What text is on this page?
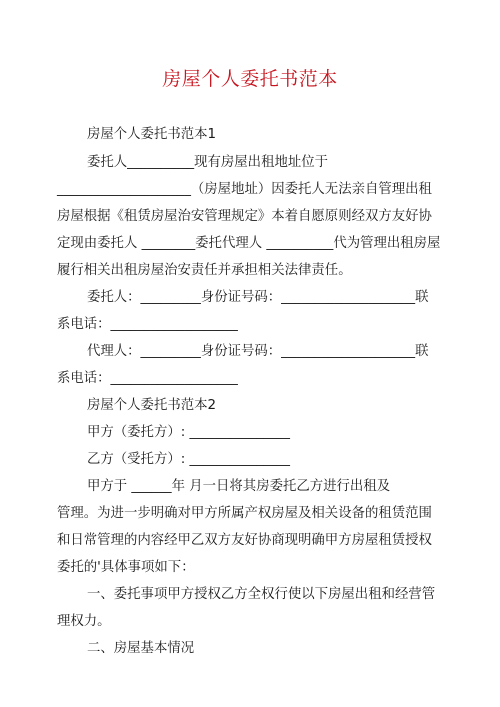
房屋个人委托书范本
房屋个人委托书范本1
委托人__________现有房屋出租地址位于
____________________（房屋地址）因委托人无法亲自管理出租
房屋根据《租赁房屋治安管理规定》本着自愿原则经双方友好协
定现由委托人 ________委托代理人 __________代为管理出租房屋
履行相关出租房屋治安责任并承担相关法律责任。
委托人：_________身份证号码：____________________联
系电话：___________________
代理人：_________身份证号码：____________________联
系电话：___________________
房屋个人委托书范本2
甲方（委托方）: _______________
乙方（受托方）: _______________
甲方于 ______年 月一日将其房委托乙方进行出租及
管理。为进一步明确对甲方所属产权房屋及相关设备的租赁范围
和日常管理的内容经甲乙双方友好协商现明确甲方房屋租赁授权
委托的'具体事项如下：
一、委托事项甲方授权乙方全权行使以下房屋出租和经营管
理权力。
二、房屋基本情况
